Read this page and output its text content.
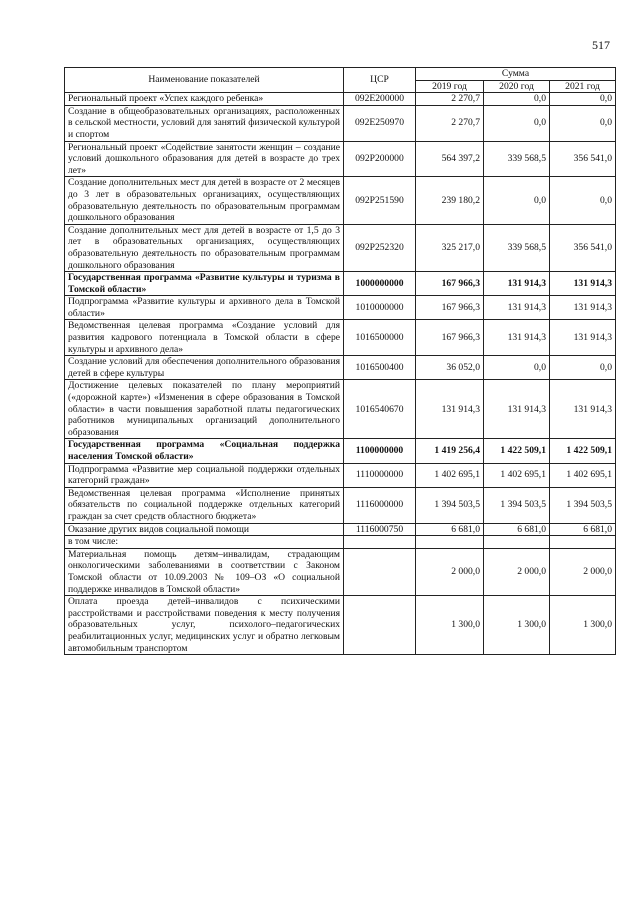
517
Наименование показателей	ЦСР	Сумма		
		2019 год	2020 год	2021 год
Региональный проект «Успех каждого ребенка»	092Е200000	2 270,7	0,0	0,0
Создание в общеобразовательных организациях, расположенных в сельской местности, условий для занятий физической культурой и спортом	092Е250970	2 270,7	0,0	0,0
Региональный проект «Содействие занятости женщин – создание условий дошкольного образования для детей в возрасте до трех лет»	092Р200000	564 397,2	339 568,5	356 541,0
Создание дополнительных мест для детей в возрасте от 2 месяцев до 3 лет в образовательных организациях, осуществляющих образовательную деятельность по образовательным программам дошкольного образования	092Р251590	239 180,2	0,0	0,0
Создание дополнительных мест для детей в возрасте от 1,5 до 3 лет в образовательных организациях, осуществляющих образовательную деятельность по образовательным программам дошкольного образования	092Р252320	325 217,0	339 568,5	356 541,0
Государственная программа «Развитие культуры и туризма в Томской области»	1000000000	167 966,3	131 914,3	131 914,3
Подпрограмма «Развитие культуры и архивного дела в Томской области»	1010000000	167 966,3	131 914,3	131 914,3
Ведомственная целевая программа «Создание условий для развития кадрового потенциала в Томской области в сфере культуры и архивного дела»	1016500000	167 966,3	131 914,3	131 914,3
Создание условий для обеспечения дополнительного образования детей в сфере культуры	1016500400	36 052,0	0,0	0,0
Достижение целевых показателей по плану мероприятий («дорожной карте») «Изменения в сфере образования в Томской области» в части повышения заработной платы педагогических работников муниципальных организаций дополнительного образования	1016540670	131 914,3	131 914,3	131 914,3
Государственная программа «Социальная поддержка населения Томской области»	1100000000	1 419 256,4	1 422 509,1	1 422 509,1
Подпрограмма «Развитие мер социальной поддержки отдельных категорий граждан»	1110000000	1 402 695,1	1 402 695,1	1 402 695,1
Ведомственная целевая программа «Исполнение принятых обязательств по социальной поддержке отдельных категорий граждан за счет средств областного бюджета»	1116000000	1 394 503,5	1 394 503,5	1 394 503,5
Оказание других видов социальной помощи	1116000750	6 681,0	6 681,0	6 681,0
в том числе:				
Материальная помощь детям–инвалидам, страдающим онкологическими заболеваниями в соответствии с Законом Томской области от 10.09.2003 № 109–ОЗ «О социальной поддержке инвалидов в Томской области»		2 000,0	2 000,0	2 000,0
Оплата проезда детей–инвалидов с психическими расстройствами и расстройствами поведения к месту получения образовательных услуг, психолого–педагогических реабилитационных услуг, медицинских услуг и обратно легковым автомобильным транспортом		1 300,0	1 300,0	1 300,0
